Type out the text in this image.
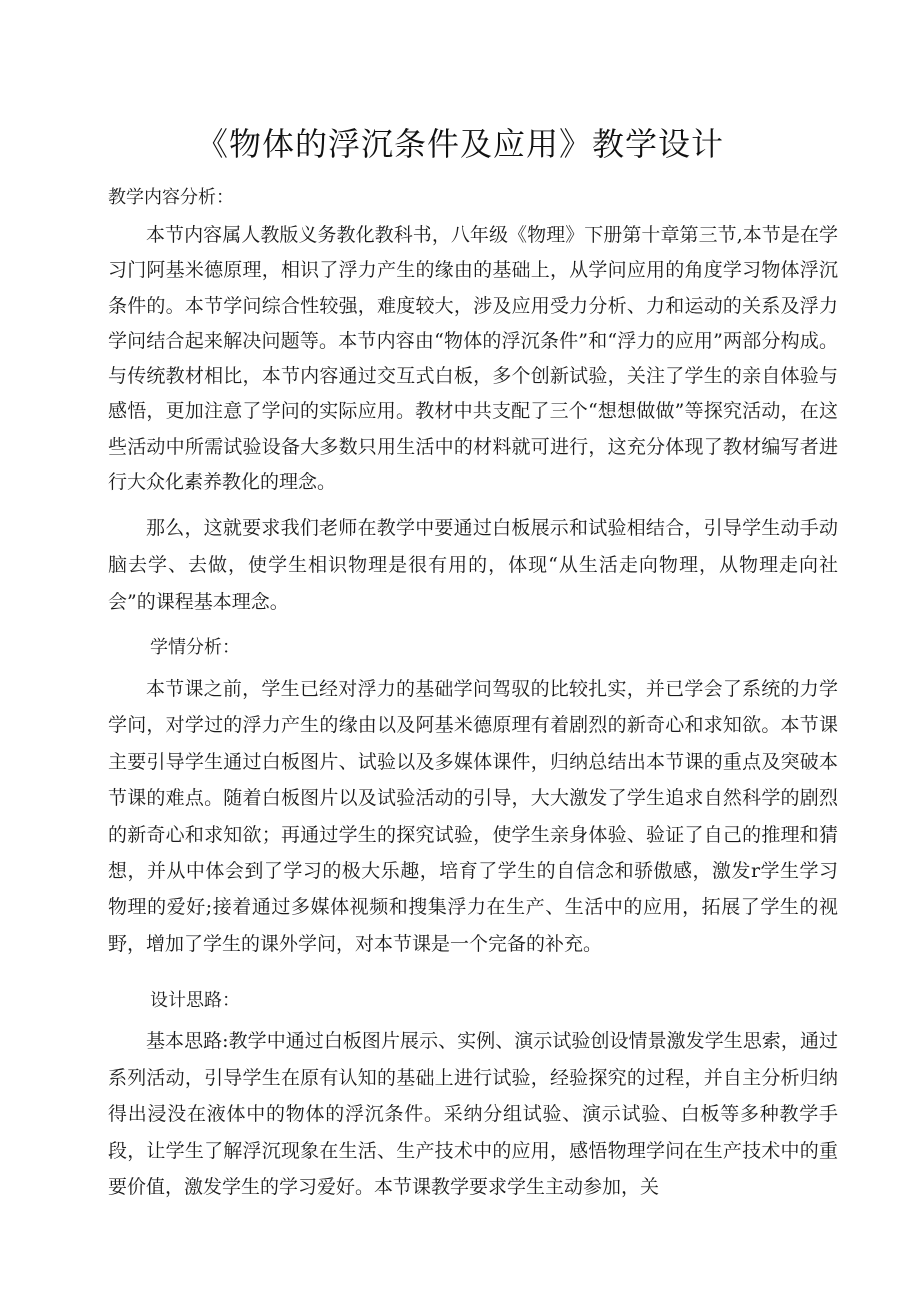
《物体的浮沉条件及应用》教学设计
教学内容分析：

本节内容属人教版义务教化教科书，八年级《物理》下册第十章第三节,本节是在学习门阿基米德原理，相识了浮力产生的缘由的基础上，从学问应用的角度学习物体浮沉条件的。本节学问综合性较强，难度较大，涉及应用受力分析、力和运动的关系及浮力学问结合起来解决问题等。本节内容由“物体的浮沉条件”和“浮力的应用”两部分构成。与传统教材相比，本节内容通过交互式白板，多个创新试验，关注了学生的亲自体验与感悟，更加注意了学问的实际应用。教材中共支配了三个“想想做做”等探究活动，在这些活动中所需试验设备大多数只用生活中的材料就可进行，这充分体现了教材编写者进行大众化素养教化的理念。

那么，这就要求我们老师在教学中要通过白板展示和试验相结合，引导学生动手动脑去学、去做，使学生相识物理是很有用的，体现“从生活走向物理，从物理走向社会”的课程基本理念。

学情分析：

本节课之前，学生已经对浮力的基础学问驾驭的比较扎实，并已学会了系统的力学学问，对学过的浮力产生的缘由以及阿基米德原理有着剧烈的新奇心和求知欲。本节课主要引导学生通过白板图片、试验以及多媒体课件，归纳总结出本节课的重点及突破本节课的难点。随着白板图片以及试验活动的引导，大大激发了学生追求自然科学的剧烈的新奇心和求知欲；再通过学生的探究试验，使学生亲身体验、验证了自己的推理和猜想，并从中体会到了学习的极大乐趣，培育了学生的自信念和骄傲感，激发r学生学习物理的爱好;接着通过多媒体视频和搜集浮力在生产、生活中的应用，拓展了学生的视野，增加了学生的课外学问，对本节课是一个完备的补充。

设计思路：

基本思路:教学中通过白板图片展示、实例、演示试验创设情景激发学生思索，通过系列活动，引导学生在原有认知的基础上进行试验，经验探究的过程，并自主分析归纳得出浸没在液体中的物体的浮沉条件。采纳分组试验、演示试验、白板等多种教学手段，让学生了解浮沉现象在生活、生产技术中的应用，感悟物理学问在生产技术中的重要价值，激发学生的学习爱好。本节课教学要求学生主动参加，关
